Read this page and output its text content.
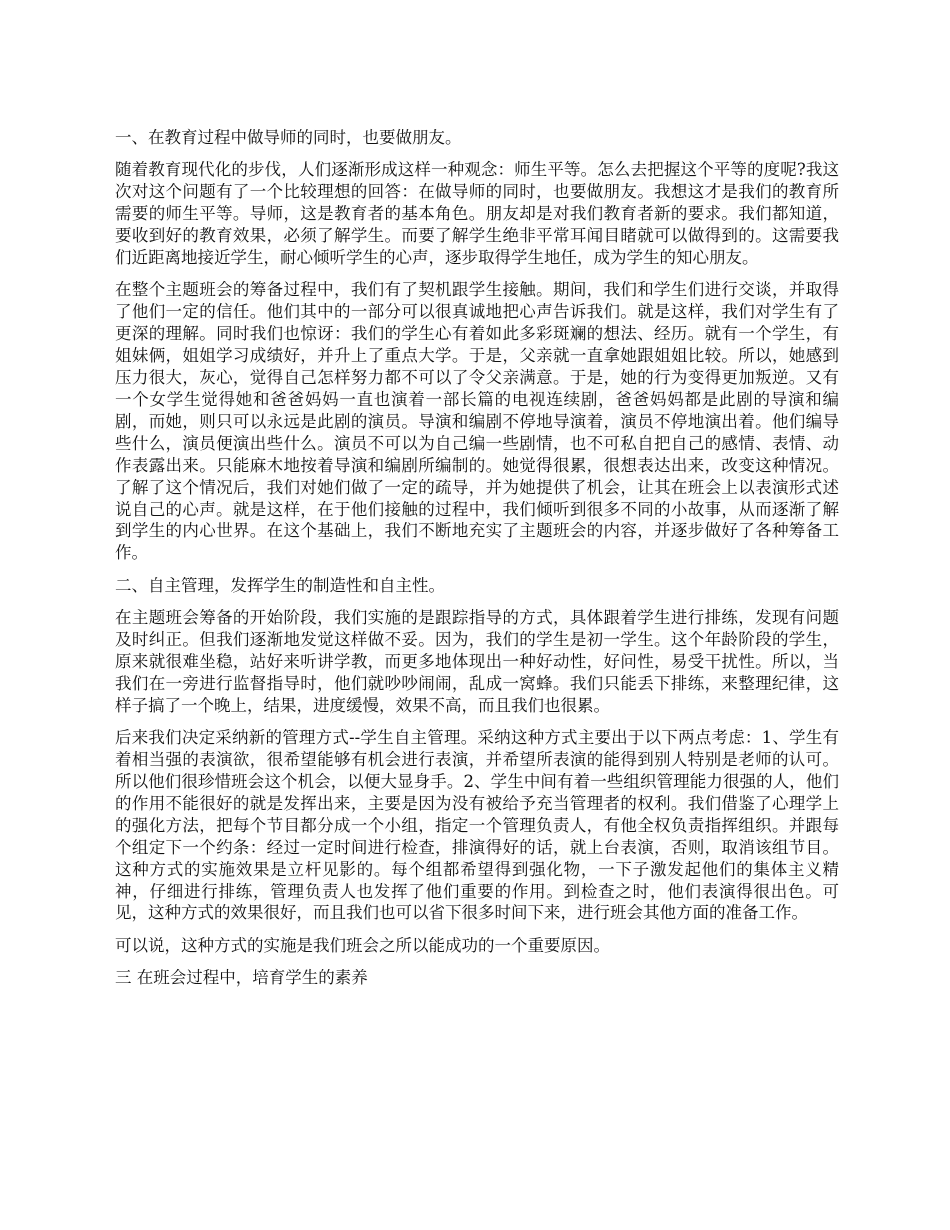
一、在教育过程中做导师的同时，也要做朋友。

随着教育现代化的步伐，人们逐渐形成这样一种观念：师生平等。怎么去把握这个平等的度呢?我这次对这个问题有了一个比较理想的回答：在做导师的同时，也要做朋友。我想这才是我们的教育所需要的师生平等。导师，这是教育者的基本角色。朋友却是对我们教育者新的要求。我们都知道，要收到好的教育效果，必须了解学生。而要了解学生绝非平常耳闻目睹就可以做得到的。这需要我们近距离地接近学生，耐心倾听学生的心声，逐步取得学生地任，成为学生的知心朋友。

在整个主题班会的筹备过程中，我们有了契机跟学生接触。期间，我们和学生们进行交谈，并取得了他们一定的信任。他们其中的一部分可以很真诚地把心声告诉我们。就是这样，我们对学生有了更深的理解。同时我们也惊讶：我们的学生心有着如此多彩斑斓的想法、经历。就有一个学生，有姐妹俩，姐姐学习成绩好，并升上了重点大学。于是，父亲就一直拿她跟姐姐比较。所以，她感到压力很大，灰心，觉得自己怎样努力都不可以了令父亲满意。于是，她的行为变得更加叛逆。又有一个女学生觉得她和爸爸妈妈一直也演着一部长篇的电视连续剧，爸爸妈妈都是此剧的导演和编剧，而她，则只可以永远是此剧的演员。导演和编剧不停地导演着，演员不停地演出着。他们编导些什么，演员便演出些什么。演员不可以为自己编一些剧情，也不可私自把自己的感情、表情、动作表露出来。只能麻木地按着导演和编剧所编制的。她觉得很累，很想表达出来，改变这种情况。了解了这个情况后，我们对她们做了一定的疏导，并为她提供了机会，让其在班会上以表演形式述说自己的心声。就是这样，在于他们接触的过程中，我们倾听到很多不同的小故事，从而逐渐了解到学生的内心世界。在这个基础上，我们不断地充实了主题班会的内容，并逐步做好了各种筹备工作。

二、自主管理，发挥学生的制造性和自主性。

在主题班会筹备的开始阶段，我们实施的是跟踪指导的方式，具体跟着学生进行排练，发现有问题及时纠正。但我们逐渐地发觉这样做不妥。因为，我们的学生是初一学生。这个年龄阶段的学生，原来就很难坐稳，站好来听讲学教，而更多地体现出一种好动性，好问性，易受干扰性。所以，当我们在一旁进行监督指导时，他们就吵吵闹闹，乱成一窝蜂。我们只能丢下排练，来整理纪律，这样子搞了一个晚上，结果，进度缓慢，效果不高，而且我们也很累。

后来我们决定采纳新的管理方式--学生自主管理。采纳这种方式主要出于以下两点考虑：1、学生有着相当强的表演欲，很希望能够有机会进行表演，并希望所表演的能得到别人特别是老师的认可。所以他们很珍惜班会这个机会，以便大显身手。2、学生中间有着一些组织管理能力很强的人，他们的作用不能很好的就是发挥出来，主要是因为没有被给予充当管理者的权利。我们借鉴了心理学上的强化方法，把每个节目都分成一个小组，指定一个管理负责人，有他全权负责指挥组织。并跟每个组定下一个约条：经过一定时间进行检查，排演得好的话，就上台表演，否则，取消该组节目。这种方式的实施效果是立杆见影的。每个组都希望得到强化物，一下子激发起他们的集体主义精神，仔细进行排练，管理负责人也发挥了他们重要的作用。到检查之时，他们表演得很出色。可见，这种方式的效果很好，而且我们也可以省下很多时间下来，进行班会其他方面的准备工作。

可以说，这种方式的实施是我们班会之所以能成功的一个重要原因。

三 在班会过程中，培育学生的素养
